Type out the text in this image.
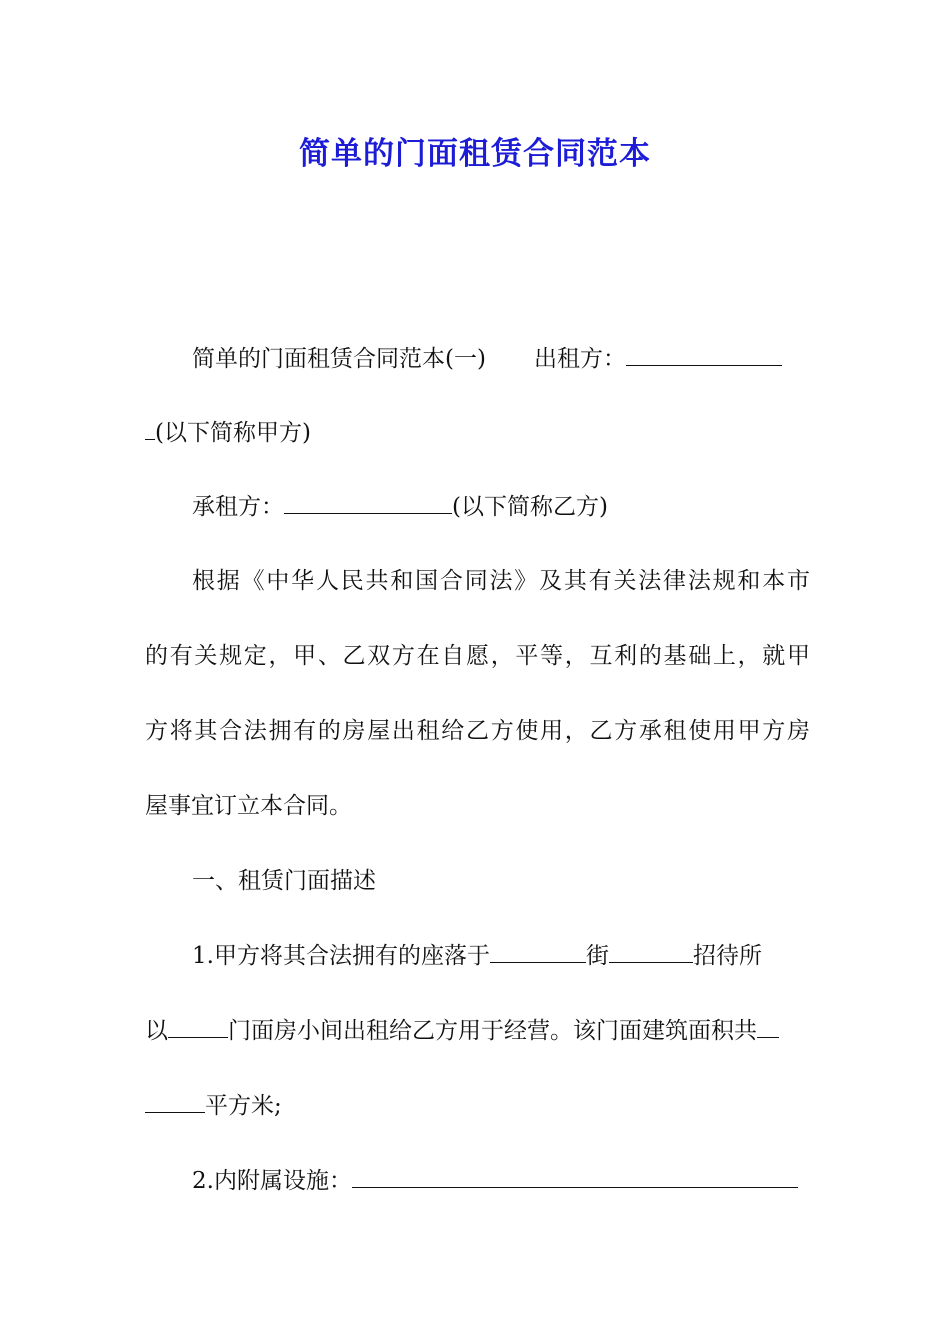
简单的门面租赁合同范本
简单的门面租赁合同范本(一) 出租方：
(以下简称甲方)
承租方：	(以下简称乙方)
根据《中华人民共和国合同法》及其有关法律法规和本市
的有关规定，甲、乙双方在自愿，平等，互利的基础上，就甲
方将其合法拥有的房屋出租给乙方使用，乙方承租使用甲方房
屋事宜订立本合同。
一、租赁门面描述
1.甲方将其合法拥有的座落于	街	招待所
以	门面房小间出租给乙方用于经营。该门面建筑面积共
平方米;
2.内附属设施：
